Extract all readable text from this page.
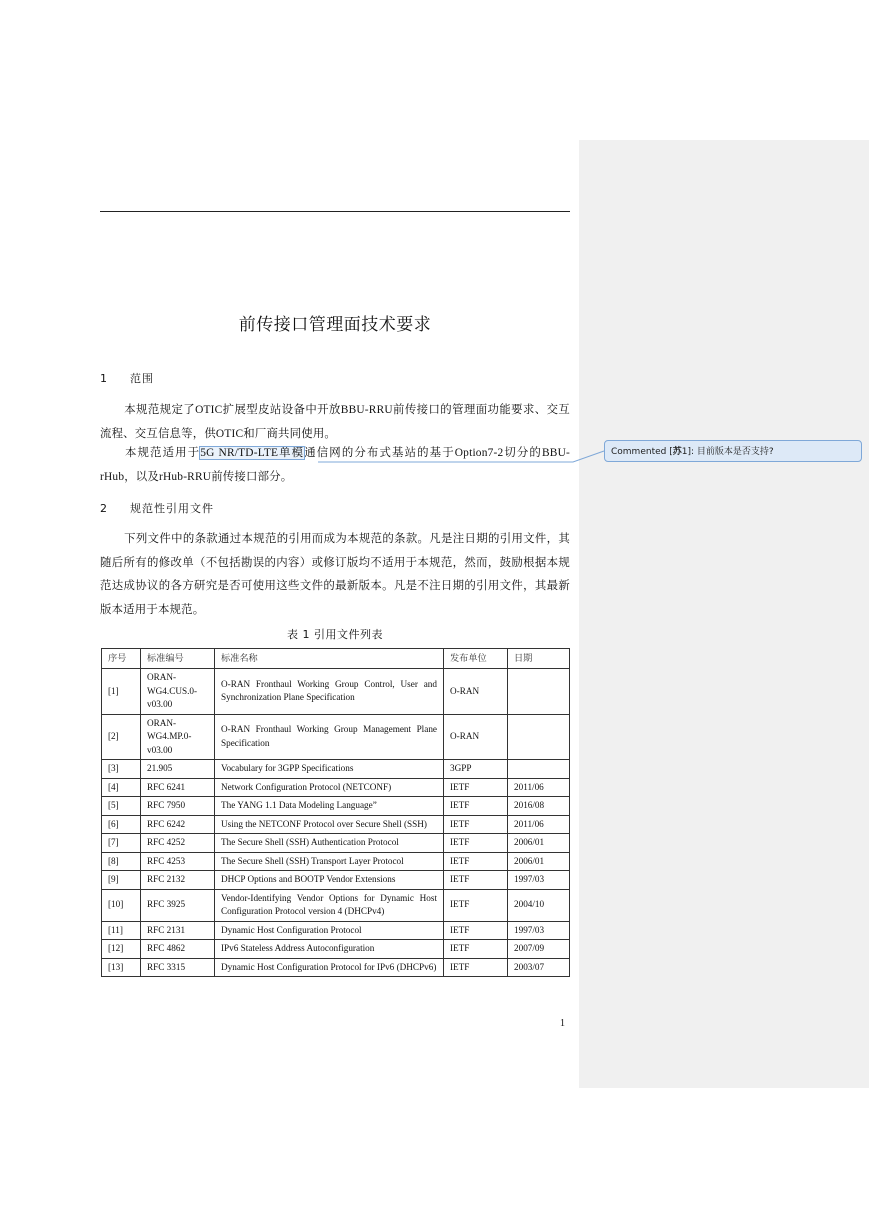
前传接口管理面技术要求
1 范围
本规范规定了OTIC扩展型皮站设备中开放BBU-RRU前传接口的管理面功能要求、交互流程、交互信息等，供OTIC和厂商共同使用。
本规范适用于5G NR/TD-LTE单模通信网的分布式基站的基于Option7-2切分的BBU-rHub，以及rHub-RRU前传接口部分。
2 规范性引用文件
下列文件中的条款通过本规范的引用而成为本规范的条款。凡是注日期的引用文件，其随后所有的修改单（不包括勘误的内容）或修订版均不适用于本规范，然而，鼓励根据本规范达成协议的各方研究是否可使用这些文件的最新版本。凡是不注日期的引用文件，其最新版本适用于本规范。
表 1 引用文件列表
序号	标准编号	标准名称	发布单位	日期
[1]	ORAN-WG4.CUS.0-v03.00	O-RAN Fronthaul Working Group Control, User and Synchronization Plane Specification	O-RAN	
[2]	ORAN-WG4.MP.0-v03.00	O-RAN Fronthaul Working Group Management Plane Specification	O-RAN	
[3]	21.905	Vocabulary for 3GPP Specifications	3GPP	
[4]	RFC 6241	Network Configuration Protocol (NETCONF)	IETF	2011/06
[5]	RFC 7950	The YANG 1.1 Data Modeling Language”	IETF	2016/08
[6]	RFC 6242	Using the NETCONF Protocol over Secure Shell (SSH)	IETF	2011/06
[7]	RFC 4252	The Secure Shell (SSH) Authentication Protocol	IETF	2006/01
[8]	RFC 4253	The Secure Shell (SSH) Transport Layer Protocol	IETF	2006/01
[9]	RFC 2132	DHCP Options and BOOTP Vendor Extensions	IETF	1997/03
[10]	RFC 3925	Vendor-Identifying Vendor Options for Dynamic Host Configuration Protocol version 4 (DHCPv4)	IETF	2004/10
[11]	RFC 2131	Dynamic Host Configuration Protocol	IETF	1997/03
[12]	RFC 4862	IPv6 Stateless Address Autoconfiguration	IETF	2007/09
[13]	RFC 3315	Dynamic Host Configuration Protocol for IPv6 (DHCPv6)	IETF	2003/07
1
Commented [苏1]: 目前版本是否支持?
